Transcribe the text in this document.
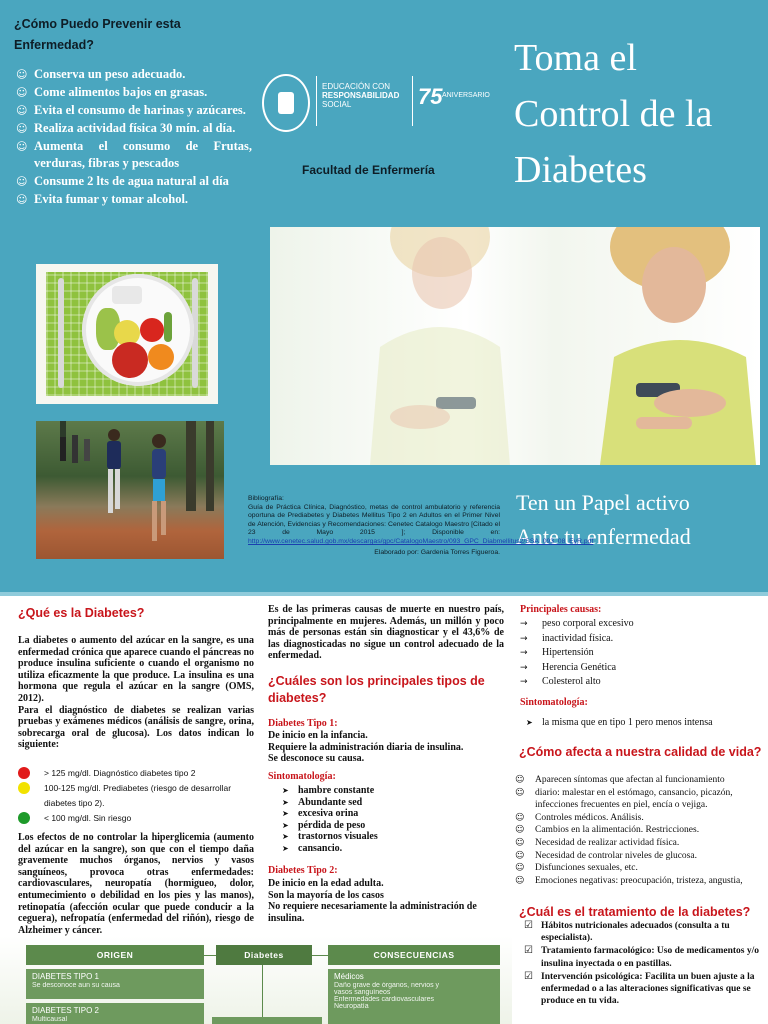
¿Cómo Puedo Prevenir esta
Enfermedad?
☺ Conserva un peso adecuado.
☺ Come alimentos bajos en grasas.
☺ Evita el consumo de harinas y azúcares.
☺ Realiza actividad física 30 mín. al día.
☺ Aumenta el consumo de Frutas, verduras, fibras y pescados
☺ Consume 2 lts de agua natural al día
☺ Evita fumar y tomar alcohol.
EDUCACIÓN CON
RESPONSABILIDAD
SOCIAL	75 ANIVERSARIO
Facultad de Enfermería
Toma el
Control de la
Diabetes
Ten un Papel activo
Ante tu enfermedad
Bibliografía:
Guía de Práctica Clínica, Diagnóstico, metas de control ambulatorio y referencia oportuna de Prediabetes y Diabetes Mellitus Tipo 2 en Adultos en el Primer Nivel de Atención, Evidencias y Recomendaciones: Cenetec Catalogo Maestro [Citado el 23 de Mayo 2015 ]; Disponible en: http://www.cenetec.salud.gob.mx/descargas/gpc/CatalogoMaestro/093_GPC_Diabmellitus2/SSA_093_08_EyR.pdf
Elaborado por: Gardenia Torres Figueroa.
¿Qué es la Diabetes?
La diabetes o aumento del azúcar en la sangre, es una enfermedad crónica que aparece cuando el páncreas no produce insulina suficiente o cuando el organismo no utiliza eficazmente la que produce. La insulina es una hormona que regula el azúcar en la sangre (OMS, 2012).
Para el diagnóstico de diabetes se realizan varias pruebas y exámenes médicos (análisis de sangre, orina, sobrecarga oral de glucosa). Los datos indican lo siguiente:
> 125 mg/dl. Diagnóstico diabetes tipo 2
100-125 mg/dl. Prediabetes (riesgo de desarrollar diabetes tipo 2).
< 100 mg/dl. Sin riesgo
Los efectos de no controlar la hiperglicemia (aumento del azúcar en la sangre), son que con el tiempo daña gravemente muchos órganos, nervios y vasos sanguíneos, provoca otras enfermedades: cardiovasculares, neuropatía (hormigueo, dolor, entumecimiento o debilidad en los pies y las manos), retinopatía (afección ocular que puede conducir a la ceguera), nefropatía (enfermedad del riñón), riesgo de Alzheimer y cáncer.
Es de las primeras causas de muerte en nuestro país, principalmente en mujeres. Además, un millón y poco más de personas están sin diagnosticar y el 43,6% de las diagnosticadas no sigue un control adecuado de la enfermedad.
¿Cuáles son los principales tipos de diabetes?
Diabetes Tipo 1:
De inicio en la infancia.
Requiere la administración diaria de insulina.
Se desconoce su causa.
Sintomatología:
➤ hambre constante
➤ Abundante sed
➤ excesiva orina
➤ pérdida de peso
➤ trastornos visuales
➤ cansancio.
Diabetes Tipo 2:
De inicio en la edad adulta.
Son la mayoría de los casos
No requiere necesariamente la administración de insulina.
Principales causas:
→ peso corporal excesivo
→ inactividad física.
→ Hipertensión
→ Herencia Genética
→ Colesterol alto
Sintomatología:
➤ la misma que en tipo 1 pero menos intensa
¿Cómo afecta a nuestra calidad de vida?
☺	Aparecen síntomas que afectan al funcionamiento
☺	diario: malestar en el estómago, cansancio, picazón, infecciones frecuentes en piel, encía o vejiga.
☺	Controles médicos. Análisis.
☺	Cambios en la alimentación. Restricciones.
☺	Necesidad de realizar actividad física.
☺	Necesidad de controlar niveles de glucosa.
☺	Disfunciones sexuales, etc.
☺	Emociones negativas: preocupación, tristeza, angustia,
¿Cuál es el tratamiento de la diabetes?
☑ Hábitos nutricionales adecuados (consulta a tu especialista).
☑ Tratamiento farmacológico: Uso de medicamentos y/o insulina inyectada o en pastillas.
☑ Intervención psicológica: Facilita un buen ajuste a la enfermedad o a las alteraciones significativas que se produce en tu vida.
ORIGEN	Diabetes	CONSECUENCIAS
DIABETES TIPO 1
Se desconoce aun su causa
DIABETES TIPO 2
Multicausal
Médicos
Daño grave de órganos, nervios y
vasos sanguíneos
Enfermedades cardiovasculares
Neuropatía
